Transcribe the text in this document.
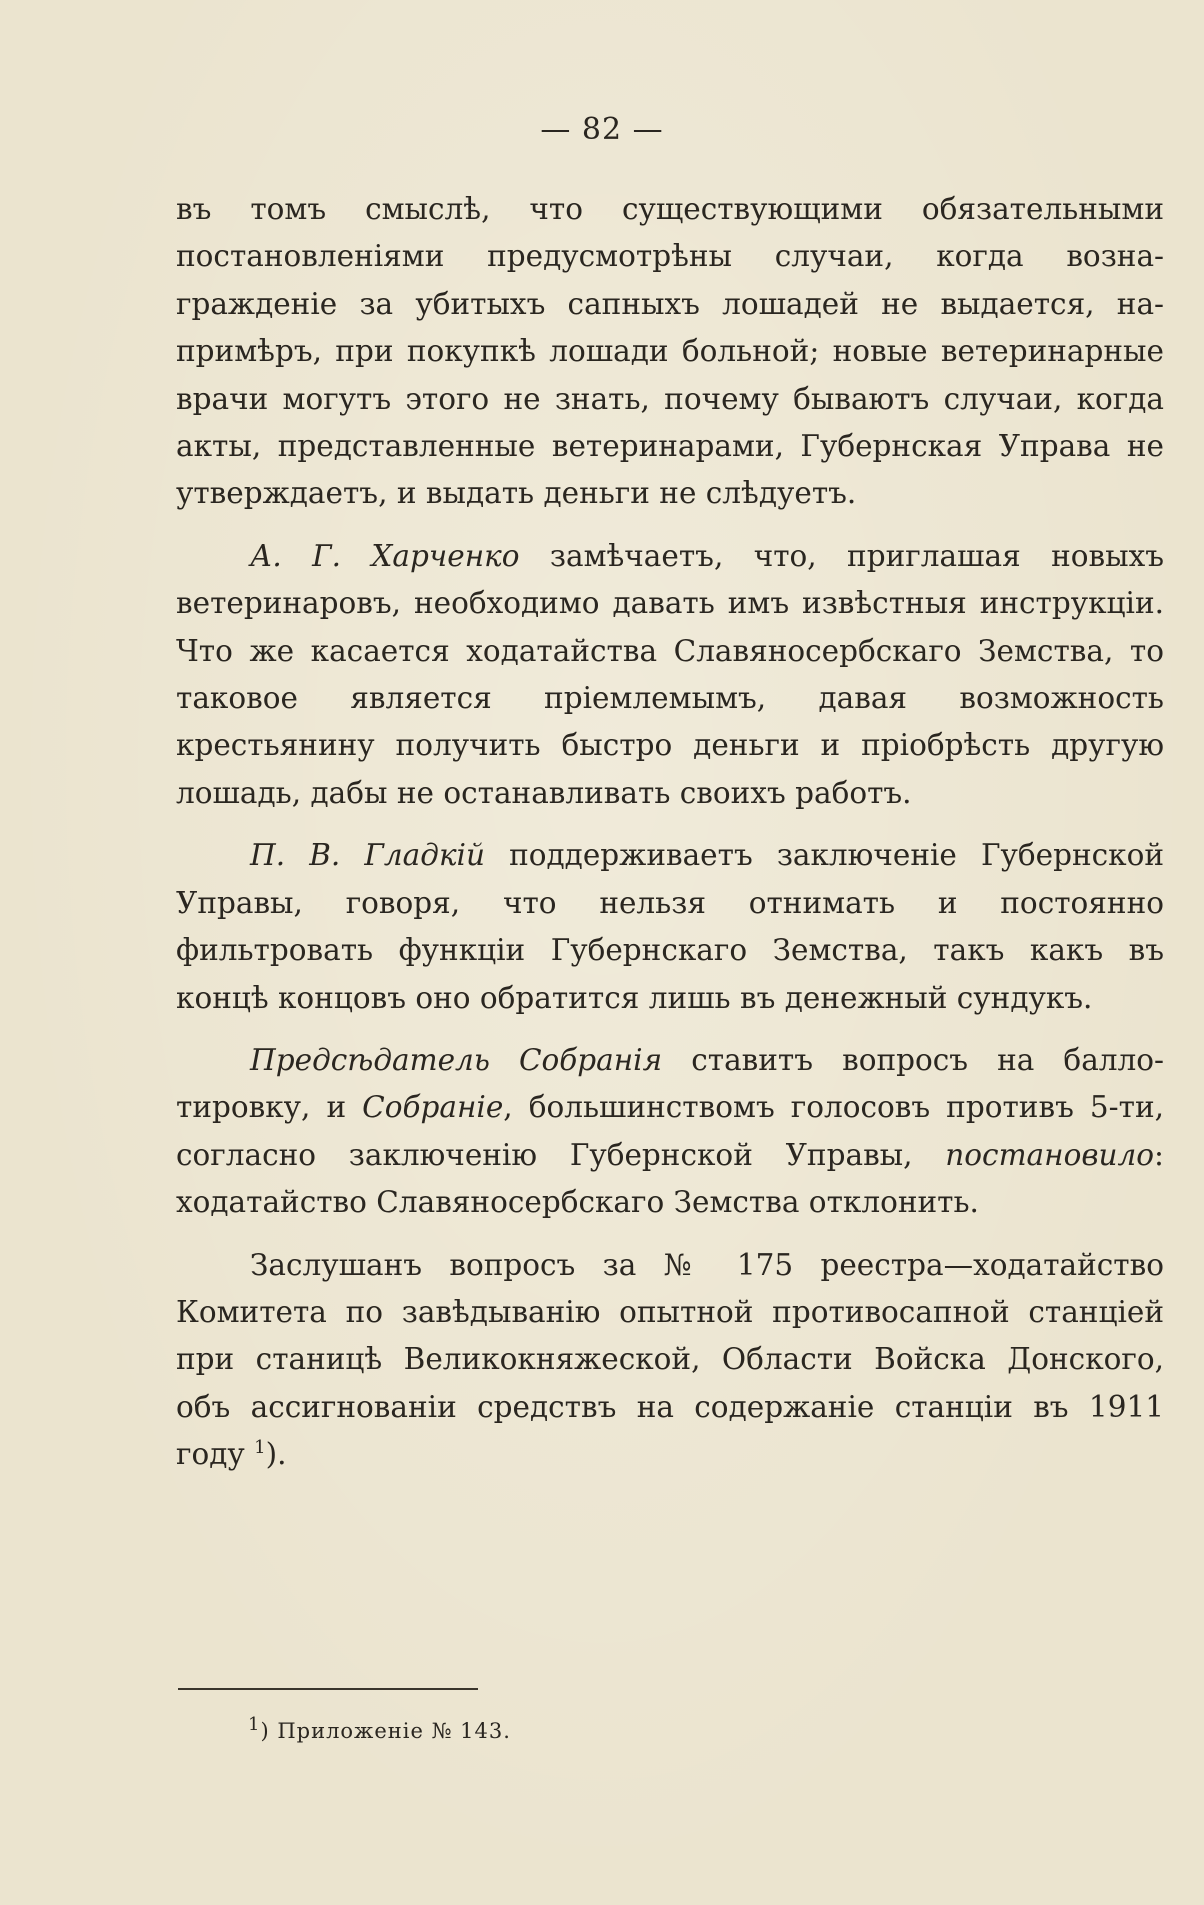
— 82 —

въ томъ смыслѣ, что существующими обязательными постановленіями предусмотрѣны случаи, когда вознагражденіе за убитыхъ сапныхъ лошадей не выдается, напримѣръ, при покупкѣ лошади больной; новые ветеринарные врачи могутъ этого не знать, почему бываютъ случаи, когда акты, представленные ветеринарами, Губернская Управа не утверждаетъ, и выдать деньги не слѣдуетъ.

А. Г. Харченко замѣчаетъ, что, приглашая новыхъ ветеринаровъ, необходимо давать имъ извѣстныя инструкціи. Что же касается ходатайства Славяносербскаго Земства, то таковое является пріемлемымъ, давая возможность крестьянину получить быстро деньги и пріобрѣсть другую лошадь, дабы не останавливать своихъ работъ.

П. В. Гладкій поддерживаетъ заключеніе Губернской Управы, говоря, что нельзя отнимать и постоянно фильтровать функціи Губернскаго Земства, такъ какъ въ концѣ концовъ оно обратится лишь въ денежный сундукъ.

Предсѣдатель Собранія ставитъ вопросъ на баллотировку, и Собраніе, большинствомъ голосовъ противъ 5-ти, согласно заключенію Губернской Управы, постановило: ходатайство Славяносербскаго Земства отклонить.

Заслушанъ вопросъ за № 175 реестра—ходатайство Комитета по завѣдыванію опытной противосапной станціей при станицѣ Великокняжеской, Области Войска Донского, объ ассигнованіи средствъ на содержаніе станціи въ 1911 году $^1$).

$^1$) Приложеніе № 143.
